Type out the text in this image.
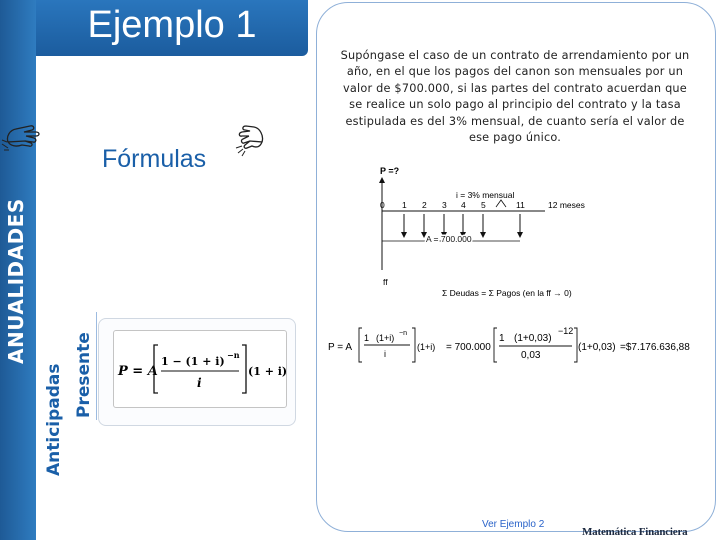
Ejemplo 1
ANUALIDADES
Anticipadas Presente
Fórmulas
P = A
1 − (1 + i) −n
i
(1 + i)
Supóngase el caso de un contrato de arrendamiento por un año, en el que los pagos del canon son mensuales por un valor de $700.000, si las partes del contrato acuerdan que se realice un solo pago al principio del contrato y la tasa estipulada es del 3% mensual, de cuanto sería el valor de ese pago único.
P =?
i = 3% mensual
0 1 2 3 4 5	11	12 meses
A = 700.000
ff
Σ Deudas = Σ Pagos (en la ff → 0)
P = A
1 (1+i) −n
i
(1+i) = 700.000
1 (1+0,03)
−12
0,03
(1+0,03) =$7.176.636,88
Ver Ejemplo 2
Matemática Financiera
